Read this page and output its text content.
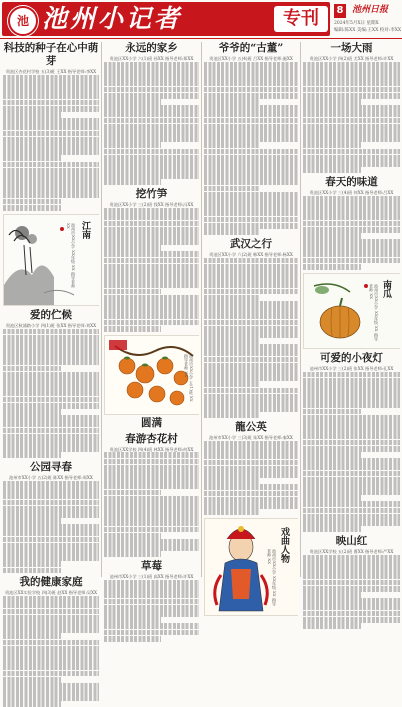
池 池州小记者	专刊	8 池州日报
2024年5月X日 星期X
编辑:陈XX 美编:王XX 校对:李XX
科技的种子在心中萌芽
贵池区杏花村学校 五(3)班 王XX 指导老师:李XX
江南
池州市XX小学 XX年级 XX 指导老师 XX
爱的伫候
贵池区秋浦路小学 四(1)班 张XX 指导老师:刘XX
公园寻春
池州市XX小学 五(2)班 陈XX 指导老师:周XX
我的健康家庭
贵池区XX实验学校 四(3)班 赵XX 指导老师:吴XX
永远的家乡
贵池区XX小学 六(1)班 孙XX 指导老师:郑XX
挖竹笋
贵池区XX小学 三(2)班 钱XX 指导老师:冯XX
池州市XX小学 五(1)班 XX 指导老师 XX
圆满
春游杏花村
贵池区XX学校 四(4)班 林XX 指导老师:何XX
草莓
池州市XX小学 三(1)班 高XX 指导老师:许XX
爷爷的“古董”
贵池区XX小学 五(4)班 吕XX 指导老师:施XX
武汉之行
贵池区XX小学 六(2)班 韩XX 指导老师:杨XX
龍公英
池州市XX小学 三(3)班 朱XX 指导老师:秦XX
戏曲人物
池州市XX小学 XX年级 XX 指导老师 XX
一场大雨
贵池区XX小学 四(2)班 尤XX 指导老师:许XX
春天的味道
贵池区XX小学 三(4)班 何XX 指导老师:吕XX
南瓜
池州市XX小学 XX年级 XX 指导老师 XX
可爱的小夜灯
池州市XX小学 三(2)班 张XX 指导老师:孔XX
映山红
贵池区XX学校 五(2)班 曹XX 指导老师:严XX
